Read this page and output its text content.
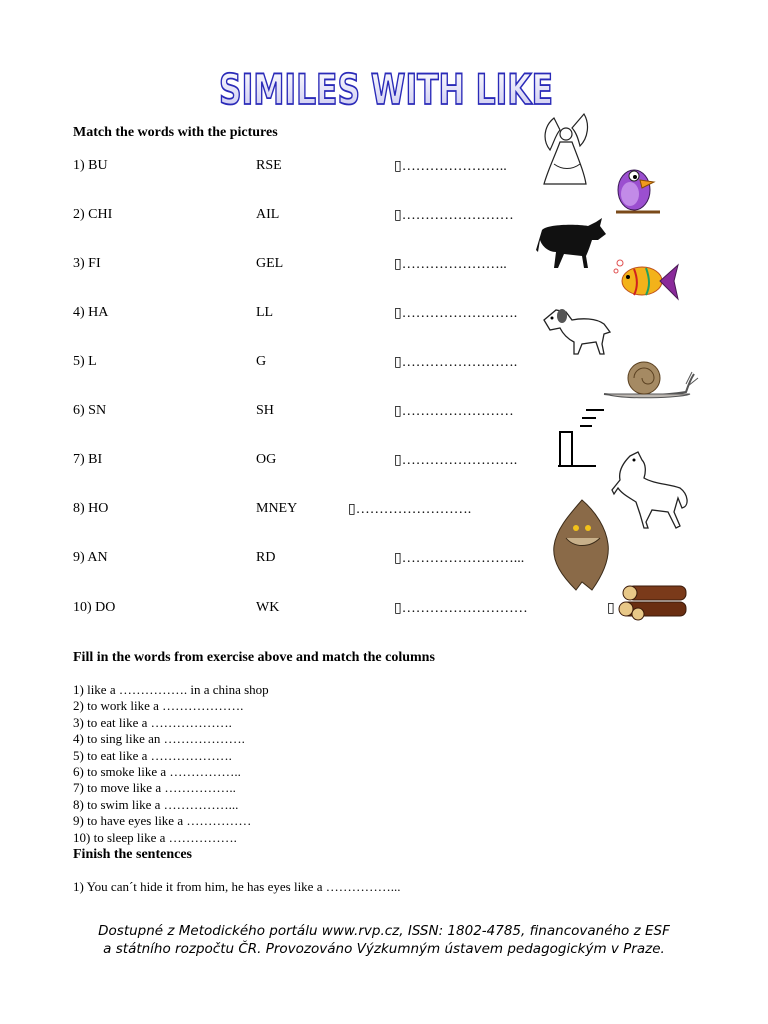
SIMILES WITH LIKE
Match the words with the pictures
1) BU	RSE	▯…………………..
2) CHI	AIL	▯……………………
3) FI	GEL	▯…………………..
4) HA	LL	▯…………………….
5) L	G	▯…………………….
6) SN	SH	▯……………………
7) BI	OG	▯…………………….
8) HO	MNEY	▯…………………….
9) AN	RD	▯……………………...
10) DO	WK	▯………………………	▯
Fill in the words from exercise above and match the columns
1) like a ……………. in a china shop
2) to work like a ……………….
3) to eat like a ……………….
4) to sing like an ……………….
5) to eat like a ……………….
6) to smoke like a ……………..
7) to move like a ……………..
8) to swim like a ……………...
9) to have eyes like a ……………
10) to sleep like a …………….
Finish the sentences
1) You can´t hide it from him, he has eyes like a ……………...
Dostupné z Metodického portálu www.rvp.cz, ISSN: 1802-4785, financovaného z ESF
a státního rozpočtu ČR. Provozováno Výzkumným ústavem pedagogickým v Praze.
